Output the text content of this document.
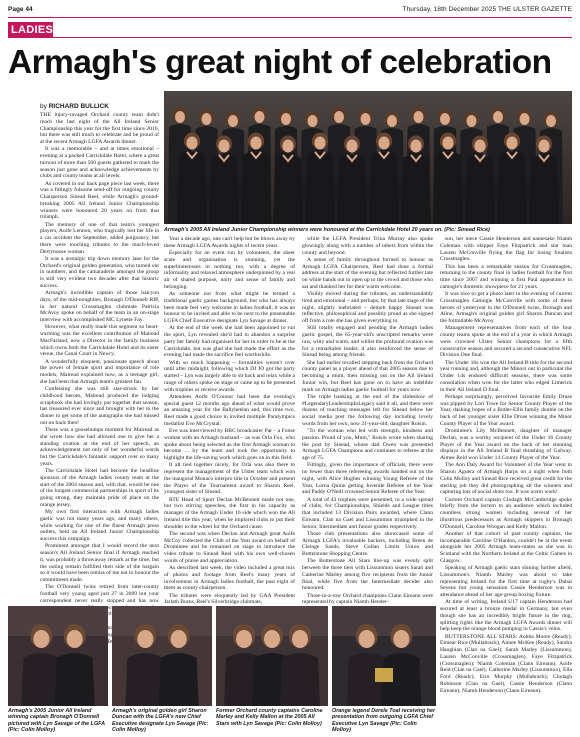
Page 44	Thursday, 18th December 2025 THE ULSTER GAZETTE
LADIES
Armagh's great night of celebration
Armagh's 2005 All Ireland Junior Championship winners were honoured at the Carrickdale Hotel 20 years on. (Pic: Sinead Rice)
by RICHARD BULLICK

THE injury-ravaged Orchard county team didn't reach the last eight of the All Ireland Senior Championship this year for the first time since 2016, but there was still much to celebrate and be proud of at the recent Armagh LGFA Awards dinner.

It was a memorable – and at times emotional – evening at a packed Carrickdale Hotel, where a great turnout of more than 500 guests gathered to mark the season just gone and acknowledge achievements by clubs and county teams at all levels.

As covered in our back page piece last week, there was a fittingly fulsome send-off for outgoing county Chairperson Sinead Reel, while Armagh's ground-breaking 2005 All Ireland Junior Championship winners were honoured 20 years on from that triumph.

The memory of one of that team's youngest players, Aoife Lennon, who tragically lost her life in a car accident the September, added poignancy, but there were touching tributes to the much-loved Derrynoose woman.

It was a nostalgic trip down memory lane for the Orchard's original golden generation, who turned out in numbers, and the camaraderie amongst the group is still very evident two decades after that historic success.

Armagh's incredible captain of those halcyon days, of the mid-noughties, Bronagh O'Donnell RIP, in her natural Crossmaglen clubmate Patricia McAvoy spoke on behalf of the team in an on-stage interview with accomplished MC Lynette Fay.

However, what really made this segment so heart-warming was the excellent contribution of Mairead MacFarland, now a Director in the family business which owns both the Carrickdale Hotel and its sister venue, the Canal Court in Newry.

A wonderfully eloquent, passionate speech about the power of female sport and importance of role models, Mairead explained how, as a teenage girl, she had been that Armagh team's greatest fan.

Confessing she was still star-struck by her childhood heroes, Mairead produced the lodging scrapbook she had lovingly put together that season, has treasured ever since and brought with her to the dinner to get some of the autographs she had missed out on back then!

There was a goosebumps moment for Mairead as she wrote how she had allowed one to give her a standing ovation at the end of her speech, an acknowledgement not only of her wonderful words but the Carrickdale's fantastic support over so many years.

The Carrickdale Hotel had become the headline sponsors of the Armagh ladies county team at the start of the 2004 season and, with that, would be one of the longest commercial partnerships in sport of its going strong, they maintain pride of place on the orange jersey.

My own first interaction with Armagh ladies gaelic was not many years ago, and many others, while working for one of the finest Armagh press outlets, held an All Ireland Junior Championship success this campaign.

Prominent amongst that I would record the next season's All Ireland Senior final if Armagh reached it, was probably a throwaway remark at the time, but the outing remain fulfilled their side of the bargain so it would have been remiss of me not to honour the commitment made.

The O'Donnell twins retired from inter-county football very young aged just 27 in 2009 but your correspondent never really stopped and has now consecutive the

BBC

Year a decade ago, one can't help but be blown away by these Armagh LGFA Awards nights of recent years.

Especially for an event run by volunteers, the sheer scale and organisation is stunning, yet the superbinteresses in nothing too, with a degree of informality and relaxed atmosphere underpinned by a real air of shared purpose, unity and sense of family and belonging.

As someone not from what might be termed a traditional gaelic games background, but who has always been made feel very welcome in ladies football, it was an honour to be invited and able to be next to the presentable LGFA Chief Executive designate Lyn Savage at dinner.

At the end of the week she had been appointed to run the sport, Lyn revealed she'd had to abandon a surprise party her family had organised for her in order to be at the Carrickdale, but was glad she had made the effort as the evening had made the sacrifice feel worthwhile.

With so much happening – formalities weren't over until after midnight, following which DJ JO got the party started – Lyn was largely able to sit back and relax while a range of others spoke on stage or came up to be presented with trophies or receive awards.

Attendees Aoife O'Connor had been the evening's special guest 12 months ago ahead of what would prove an amazing year for the Ballyheelan and, this time two, Reel made a good choice in invited multiple Paralympics medallist Eve McCrystal.

Eve was interviewed by BBC broadcaster Pat – a Fonse woman with an Armagh husband – as was Orla Fox, who spoke about being selected as the first Armagh woman to become ... by the team and took the opportunity to highlight the life-saving work which goes on in this field.

It all tied together nicely, for Orla was also there to represent the management of the Ulster team which won the inaugural Monaco interpro title in October and present the Player of the Tournament award to Sharon Reel, youngest sister of Sinead.

RTE Head of Sport Declan McBennett made not one, but two stirring speeches, the first in his capacity as manager of the Armagh Under 16 side which won the All Ireland title this year, when he implored clubs to put their shoulder to the wheel for the Orchard cause.

The second was when Declan and Armagh great Aoife McCoy collected the Club of the Year award on behalf of Dromintee and he remained on stage to introduce the video tribute to Sinead Reel with his own well-chosen words of praise and appreciation.

As described last week, the video included a great mix of photos and footage from Reel's many years of involvement in Armagh ladies football, the past eight of them as county chairperson.

The tributes were eloquently led by GAA President Jarlath Burns, Reel's Silverbridge clubmate,

while the LGFA President Trina Murray also spoke glowingly along with a number of others from within the county and beyond.

A sense of family throughout formed to honour as Armagh LGFA Chairperson, Reel had done a formal address at the start of the evening but reflected further late on while hands out to open up to the crowd and those who sat and thanked her for their warm welcome.

Visibly moved during the tributes, an understandably tired and emotional – and perhaps, by that late stage of the night, slightly inebriated – demob happy Sinead was reflective, philosophical and possibly proud as she signed off from a role she has given everything to.

Still totally engaged and pending the Armagh ladies gaelic gospel, the 65-year-old's unscripted remarks were raw, witty and warm, and whilst the profound ovation was for a remarkable leader, it also reinforced the sense of Sinead being among friends.

She had earlier recalled stepping back from the Orchard county panel as a player ahead of that 2005 season due to becoming a mum, then missing out on the All Ireland Junior win, but Reel has gone on to have an indelible mark on Armagh ladies gaelic football for years now.

The triple banking at the end of the slideshow of #LegendaryLeadershipInLegacy said it all, and there were dozens of touching messages left for Sinead below her social media post the following day including lovely words from her own, now 21-year-old, daughter Roisin.

"To the woman who led with strength, kindness and passion. Proud of you, Mum," Roisin wrote when sharing the post by Sinead, whose dad Owen was presented Armagh LGFA Champions and continues to referee at the age of 75.

Fittingly, given the importance of officials, there were no fewer than three refereeing awards handed out on the night, with Alice Hughes winning Young Referee of the Year, Lorna Quinn getting Juvenile Referee of the Year and Paddy O'Neill crowned Senior Referee of the Year.

A total of 43 trophies were presented, to a wide spread of clubs, for Championships, Shields and League titles that included 13 Division Pairs awarded, where Clann Eireann, Clan na Gael and Lissummon triumphed in the Senior, Intermediate and Junior grades respectively.

Those club presentations also showcased some of Armagh LGFA's invaluable backers, including Breen de Cleinge Sands, Steve Gollan Limits Union and Butterstone Shopping Centre.

The Butterstone All Stars line-up was evenly split between the three tiers with Lissummon sisters Sarah and Catherine Marley among five recipients from the Junior final, while five from the Intermediate decider also honoured.

Three-in-a-row Orchard champions Clann Eireann were represented by captain Niamh Hender-

son, her niece Cassie Henderson and namesake Niamh Coleman with skipper Faye Fitzpatrick and star man Lauren McConville flying the flag for losing finalists Crossmaglen.

This has been a remarkable season for Crossmaglen, returning to the county final in ladies football for the first time since 2007 and winning a first Paul appearance in camogie's domestic showpiece for 21 years.

It was nice to get a photo later in the evening of current Crossmaglen Camogie McConville with some of these heroes of yesteryear in the O'Donnell twins, Bronagh and Aline, Armagh's original golden girl Sharon Duncan and the formidable McAvoy.

Management representatives from each of the four county teams spoke at the end of a year in which Armagh were crowned Ulster Senior champions for a fifth consecutive season and secured a second consecutive NFL Division One final.

The Under 16s won the All Ireland B title for the second year running and, although the Minors out in particular the Under 14s endured difficult seasons, there was some consolation when won for the latter who edged Limerick in their All Ireland D final.

Perhaps surprisingly, perceived favourite Emily Druse was pipped by Lori Towe for Senior County Player of the Year, dashing hopes of a Butler-Ellis family double on the back of her younger sister Ellie Druse winning the Minor County Player of the Year award.

Dromintee's Lily McBennett, daughter of manager Declan, was a worthy recipient of the Under 16 County Player of the Year award on the back of her stunning displays in the All Ireland B final thrashing of Galway. Aimee Reid won Under 14 County Player of the Year.

The Ann Daly Award for Volunteer of the Year went to Sharon Aguera of Armagh Harps on a night when both Colin Molloy and Sinead Rice received great credit for the sterling job they did photographing all the winners and capturing lots of social shots too. It was warm work!

Current Orchard captain Clodagh McCambridge spoke briefly from the lectern to an audience which included countless strong women including several of her illustrious predecessors as Armagh skippers in Bronagh O'Donnell, Caroline Woogan and Kelly Mallon.

Another of that cohort of past county captains, the incomparable Caroline O'Hanlon, couldn't be at the event alongside her 2005 Armagh team-mates as she was in Scotland with the Northern Ireland at the Celtic Games in Glasgow.

Speaking of Armagh gaelic stars shining further afield, Lissummon's Niamh Marley was about to take representing Ireland for the first time at rugby's Dubai Sevens but young sensation Cassie Henderson was in attendance ahead of her age-group boxing fixture.

At time of writing, Ireland U17 captain Henderson had secured at least a bronze medal in Germany, but even though she has an incredibly bright future in the ring, splitting rights like the Armagh LGFA Awards dinner will help keep the orange blood pumping in Cassie's veins.

BUTTERSTONE ALL STARS: Aobha Moore (Ready); Eimear Rice (Mullabrack), Aimee McKee (Ready), Sandra Haughian (Clan na Gael); Sarah Marley (Lissummon), Lauren McConville (Crossmaglen), Faye Fitzpatrick (Crossmaglen); Niamh Coleman (Clann Eireann), Aoife Reid (Clan na Gael); Catherine Marley (Lissummon), Ella Ford (Ready), Erin Murphy (Mullabrack); Clodagh Robinson (Clan na Gael), Cassie Henderson (Clann Eireann), Niamh Henderson (Clann Eireann).

Armagh's 2005 Junior All Ireland winning captain Bronagh O'Donnell pictured with Lyn Savage of the LGFA (Pic: Colin Molloy)
Armagh's original golden girl Sharon Duncan with the LGFA's new Chief Executive designate Lyn Savage (Pic: Colin Molloy)
Former Orchard county captains Caroline Marley and Kelly Mallon at the 2005 All Stars with Lyn Savage (Pic: Colin Molloy)
Orange legend Derele Toal receiving her presentation from outgoing LGFA Chief Executive Lyn Savage (Pic: Colin Molloy)
